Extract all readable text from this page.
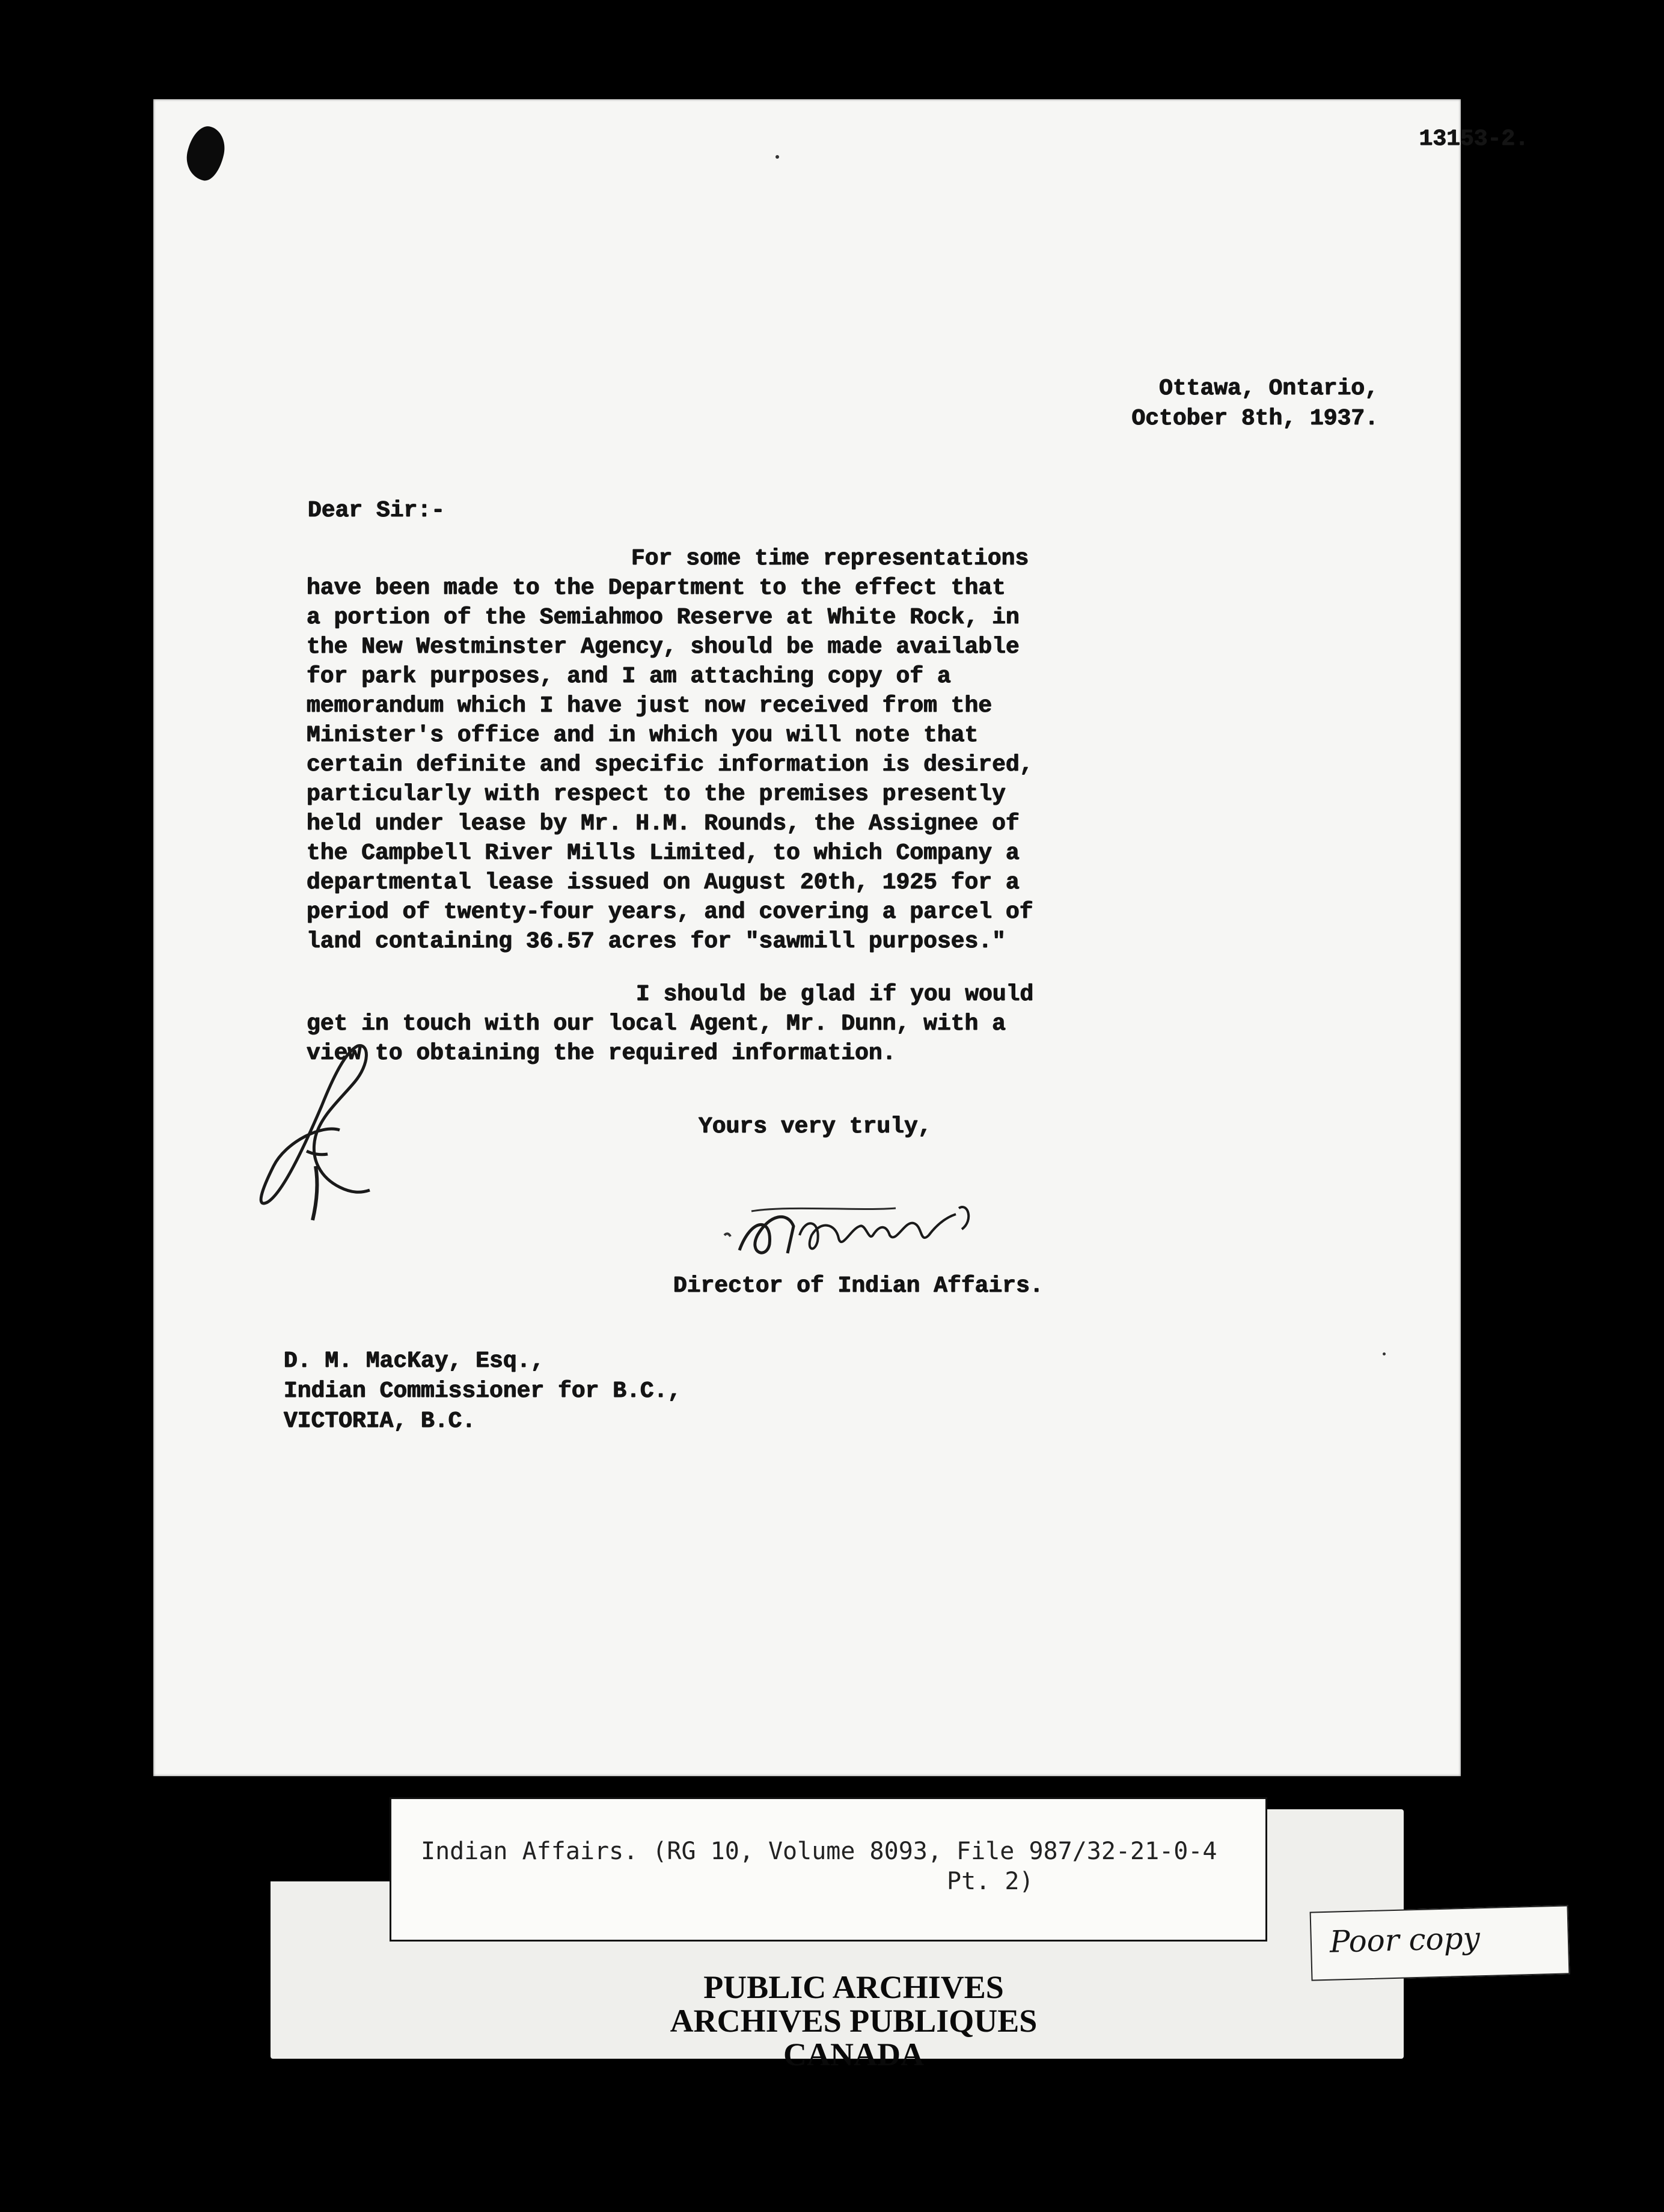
13153-2.
Ottawa, Ontario,
October 8th, 1937.
Dear Sir:-
For some time representations
have been made to the Department to the effect that
a portion of the Semiahmoo Reserve at White Rock, in
the New Westminster Agency, should be made available
for park purposes, and I am attaching copy of a
memorandum which I have just now received from the
Minister's office and in which you will note that
certain definite and specific information is desired,
particularly with respect to the premises presently
held under lease by Mr. H.M. Rounds, the Assignee of
the Campbell River Mills Limited, to which Company a
departmental lease issued on August 20th, 1925 for a
period of twenty-four years, and covering a parcel of
land containing 36.57 acres for "sawmill purposes."
I should be glad if you would
get in touch with our local Agent, Mr. Dunn, with a
view to obtaining the required information.
Yours very truly,
Director of Indian Affairs.
D. M. MacKay, Esq.,
Indian Commissioner for B.C.,
VICTORIA, B.C.
Indian Affairs. (RG 10, Volume 8093, File 987/32-21-0-4
Pt. 2)
PUBLIC ARCHIVES
ARCHIVES PUBLIQUES
CANADA
Poor copy
